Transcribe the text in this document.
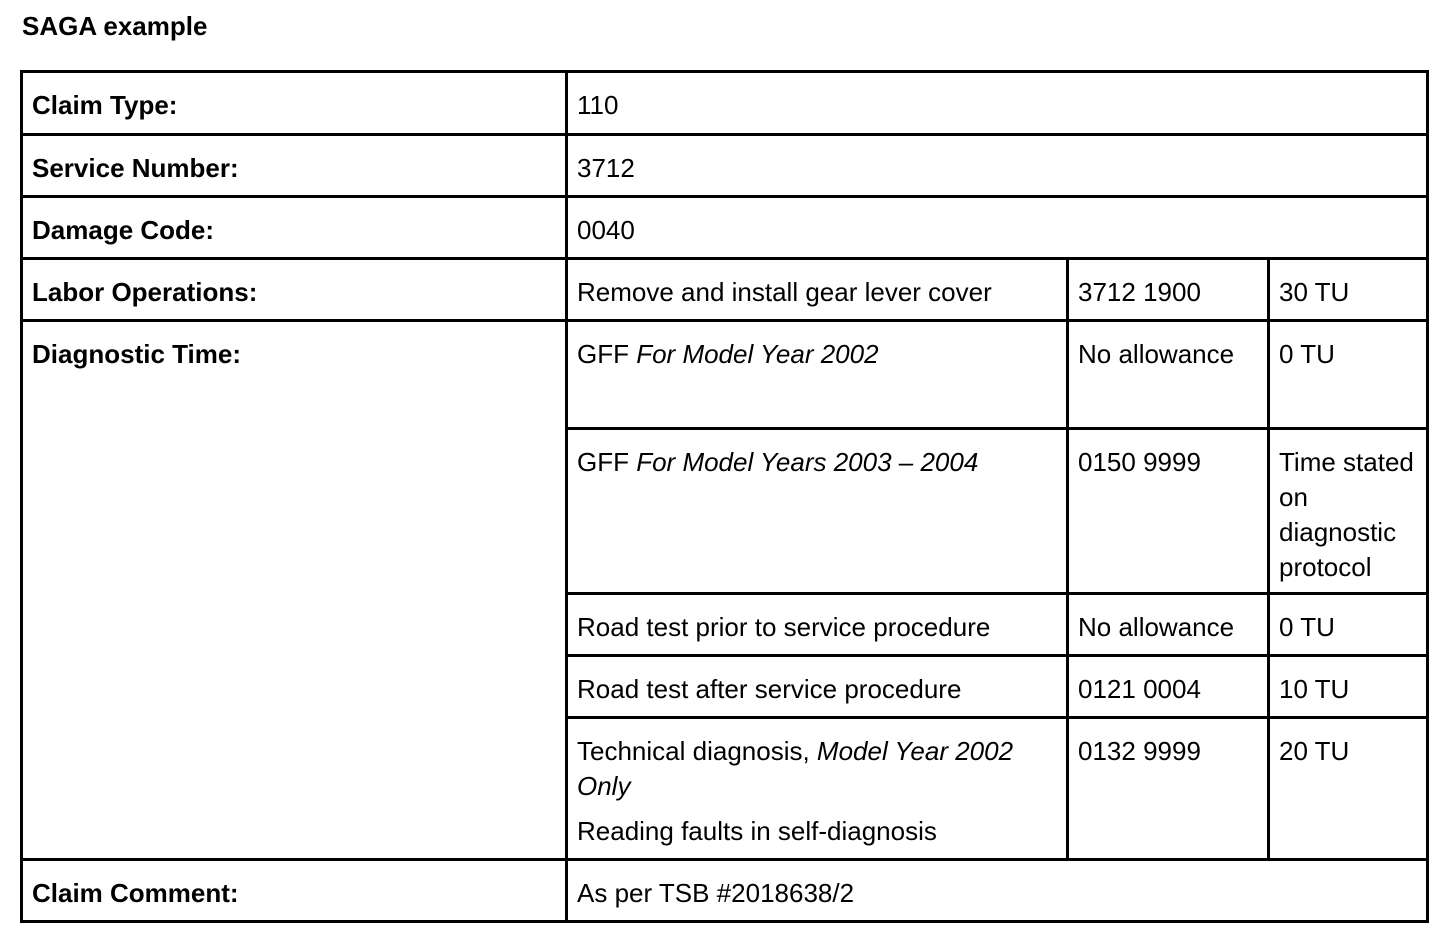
SAGA example
Claim Type:	110		
Service Number:	3712		
Damage Code:	0040		
Labor Operations:	Remove and install gear lever cover	3712 1900	30 TU
Diagnostic Time:	GFF For Model Year 2002	No allowance	0 TU
	GFF For Model Years 2003 – 2004	0150 9999	Time stated on diagnostic protocol
	Road test prior to service procedure	No allowance	0 TU
	Road test after service procedure	0121 0004	10 TU
	Technical diagnosis, Model Year 2002 Only
Reading faults in self-diagnosis	0132 9999	20 TU
Claim Comment:	As per TSB #2018638/2		
